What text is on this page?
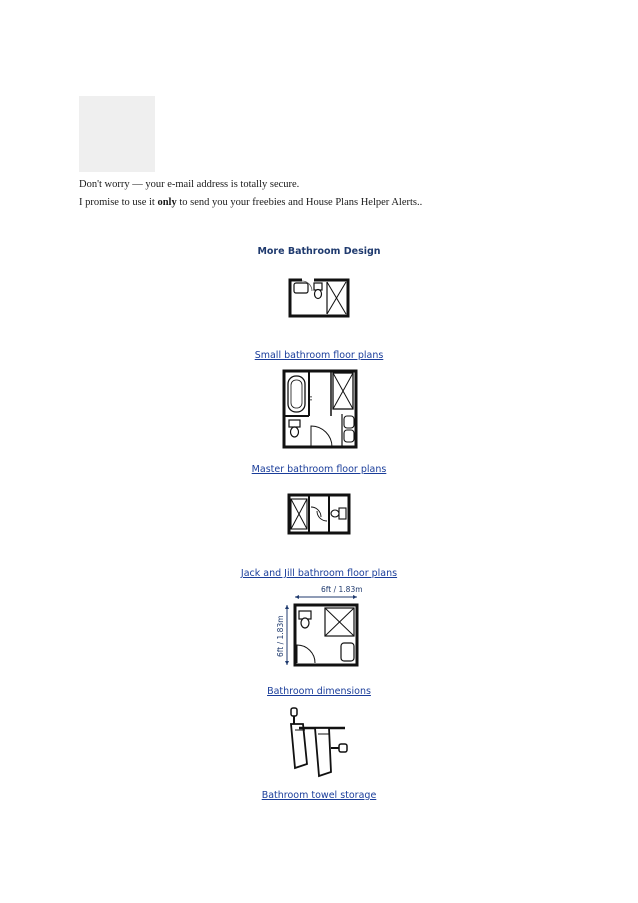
Don't worry — your e-mail address is totally secure.
I promise to use it only to send you your freebies and House Plans Helper Alerts..
More Bathroom Design
Small bathroom floor plans
Master bathroom floor plans
Jack and Jill bathroom floor plans
6ft / 1.83m
6ft / 1.83m
Bathroom dimensions
Bathroom towel storage
